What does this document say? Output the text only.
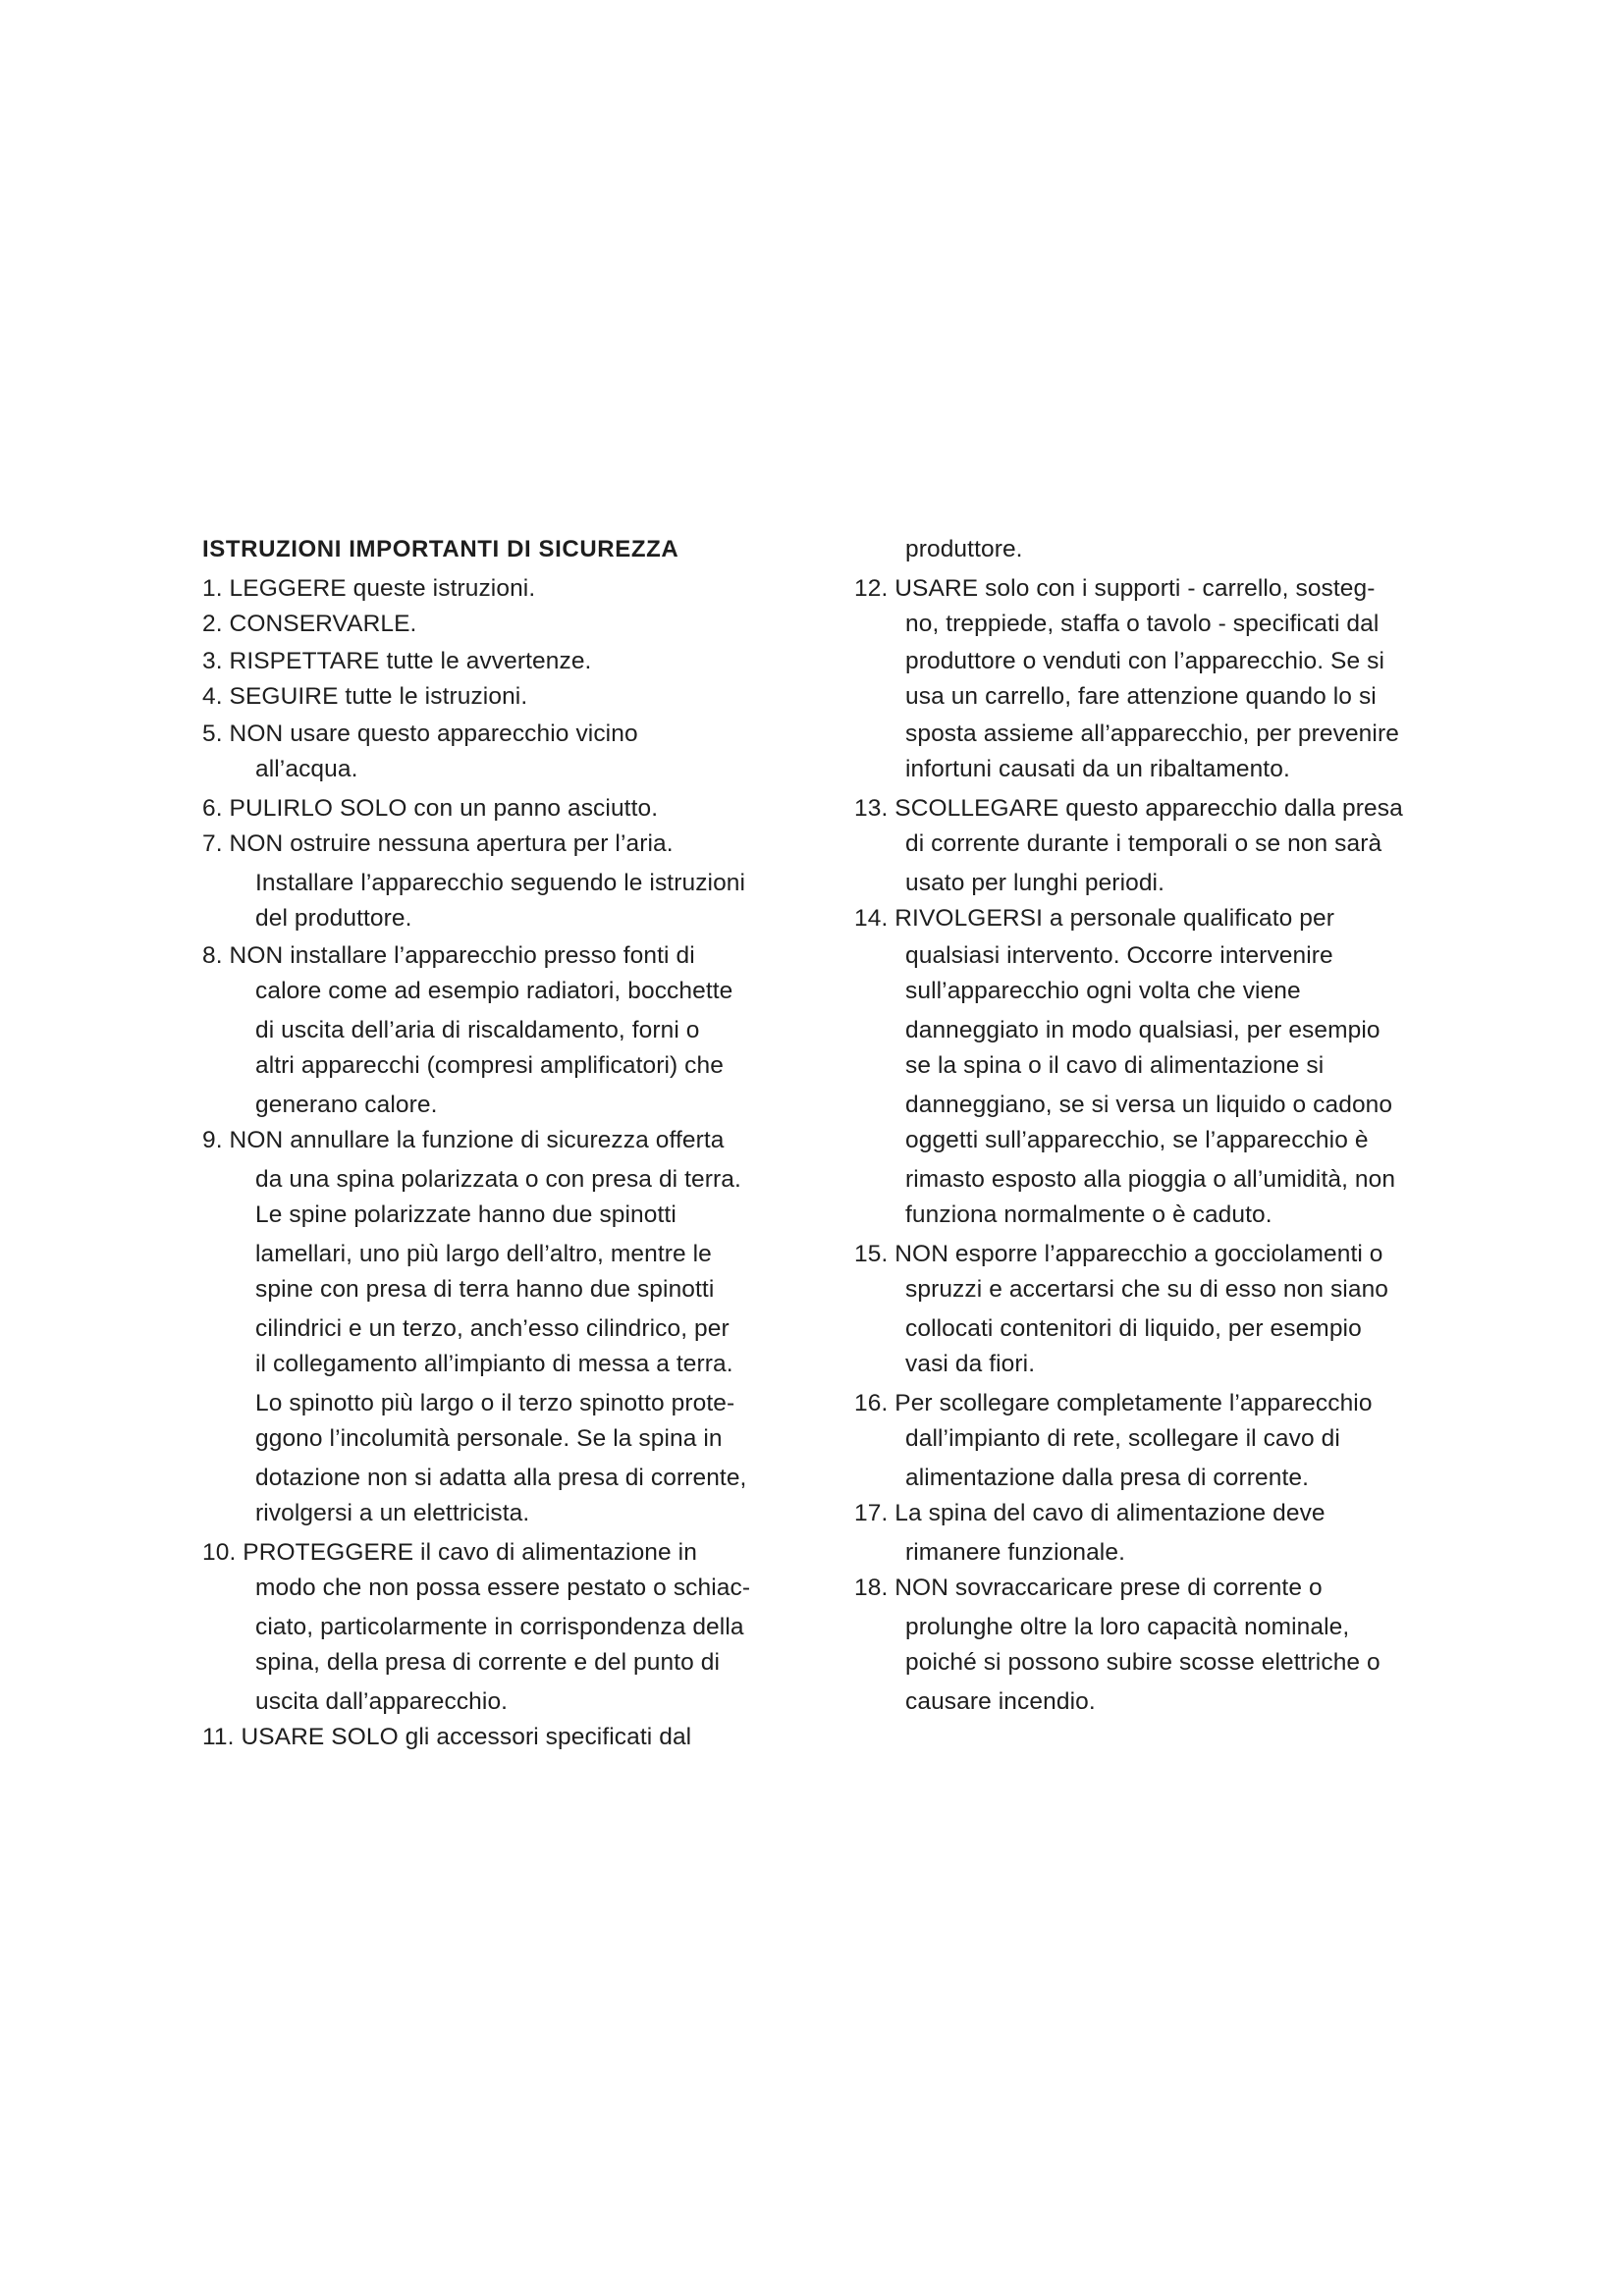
ISTRUZIONI IMPORTANTI DI SICUREZZA
1. LEGGERE queste istruzioni.
2. CONSERVARLE.
3. RISPETTARE tutte le avvertenze.
4. SEGUIRE tutte le istruzioni.
5. NON usare questo apparecchio vicino
all’acqua.
6. PULIRLO SOLO con un panno asciutto.
7. NON ostruire nessuna apertura per l’aria.
Installare l’apparecchio seguendo le istruzioni
del produttore.
8. NON installare l’apparecchio presso fonti di
calore come ad esempio radiatori, bocchette
di uscita dell’aria di riscaldamento, forni o
altri apparecchi (compresi amplificatori) che
generano calore.
9. NON annullare la funzione di sicurezza offerta
da una spina polarizzata o con presa di terra.
Le spine polarizzate hanno due spinotti
lamellari, uno più largo dell’altro, mentre le
spine con presa di terra hanno due spinotti
cilindrici e un terzo, anch’esso cilindrico, per
il collegamento all’impianto di messa a terra.
Lo spinotto più largo o il terzo spinotto prote-
ggono l’incolumità personale. Se la spina in
dotazione non si adatta alla presa di corrente,
rivolgersi a un elettricista.
10. PROTEGGERE il cavo di alimentazione in
modo che non possa essere pestato o schiac-
ciato, particolarmente in corrispondenza della
spina, della presa di corrente e del punto di
uscita dall’apparecchio.
11. USARE SOLO gli accessori specificati dal
produttore.
12. USARE solo con i supporti - carrello, sosteg-
no, treppiede, staffa o tavolo - specificati dal
produttore o venduti con l’apparecchio. Se si
usa un carrello, fare attenzione quando lo si
sposta assieme all’apparecchio, per prevenire
infortuni causati da un ribaltamento.
13. SCOLLEGARE questo apparecchio dalla presa
di corrente durante i temporali o se non sarà
usato per lunghi periodi.
14. RIVOLGERSI a personale qualificato per
qualsiasi intervento. Occorre intervenire
sull’apparecchio ogni volta che viene
danneggiato in modo qualsiasi, per esempio
se la spina o il cavo di alimentazione si
danneggiano, se si versa un liquido o cadono
oggetti sull’apparecchio, se l’apparecchio è
rimasto esposto alla pioggia o all’umidità, non
funziona normalmente o è caduto.
15. NON esporre l’apparecchio a gocciolamenti o
spruzzi e accertarsi che su di esso non siano
collocati contenitori di liquido, per esempio
vasi da fiori.
16. Per scollegare completamente l’apparecchio
dall’impianto di rete, scollegare il cavo di
alimentazione dalla presa di corrente.
17. La spina del cavo di alimentazione deve
rimanere funzionale.
18. NON sovraccaricare prese di corrente o
prolunghe oltre la loro capacità nominale,
poiché si possono subire scosse elettriche o
causare incendio.
